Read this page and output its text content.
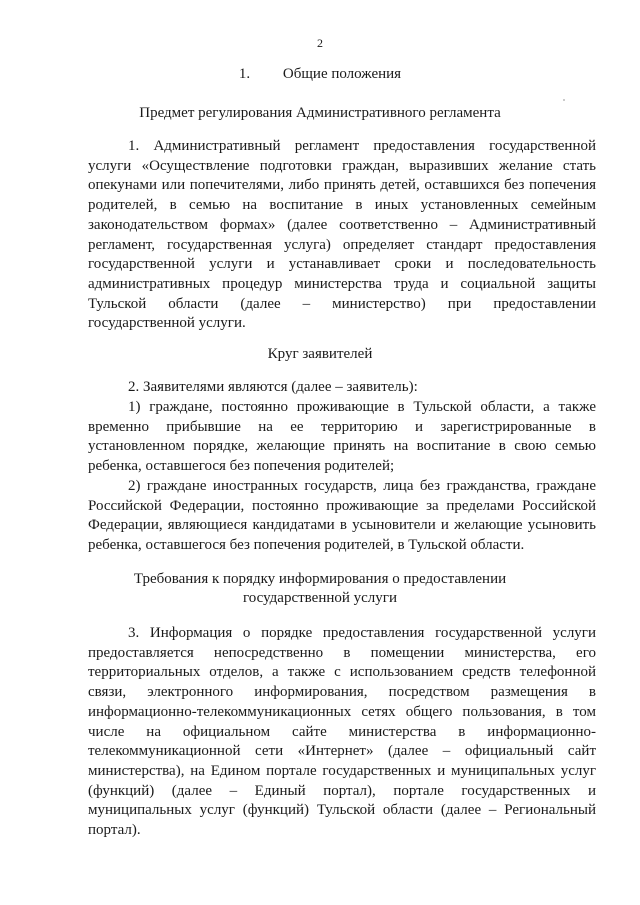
2
1. Общие положения
Предмет регулирования Административного регламента

1. Административный регламент предоставления государственной услуги «Осуществление подготовки граждан, выразивших желание стать опекунами или попечителями, либо принять детей, оставшихся без попечения родителей, в семью на воспитание в иных установленных семейным законодательством формах» (далее соответственно – Административный регламент, государственная услуга) определяет стандарт предоставления государственной услуги и устанавливает сроки и последовательность административных процедур министерства труда и социальной защиты Тульской области (далее – министерство) при предоставлении государственной услуги.

Круг заявителей

2. Заявителями являются (далее – заявитель):

1) граждане, постоянно проживающие в Тульской области, а также временно прибывшие на ее территорию и зарегистрированные в установленном порядке, желающие принять на воспитание в свою семью ребенка, оставшегося без попечения родителей;

2) граждане иностранных государств, лица без гражданства, граждане Российской Федерации, постоянно проживающие за пределами Российской Федерации, являющиеся кандидатами в усыновители и желающие усыновить ребенка, оставшегося без попечения родителей, в Тульской области.

Требования к порядку информирования о предоставлении
государственной услуги

3. Информация о порядке предоставления государственной услуги предоставляется непосредственно в помещении министерства, его территориальных отделов, а также с использованием средств телефонной связи, электронного информирования, посредством размещения в информационно-телекоммуникационных сетях общего пользования, в том числе на официальном сайте министерства в информационно-телекоммуникационной сети «Интернет» (далее – официальный сайт министерства), на Едином портале государственных и муниципальных услуг (функций) (далее – Единый портал), портале государственных и муниципальных услуг (функций) Тульской области (далее – Региональный портал).
